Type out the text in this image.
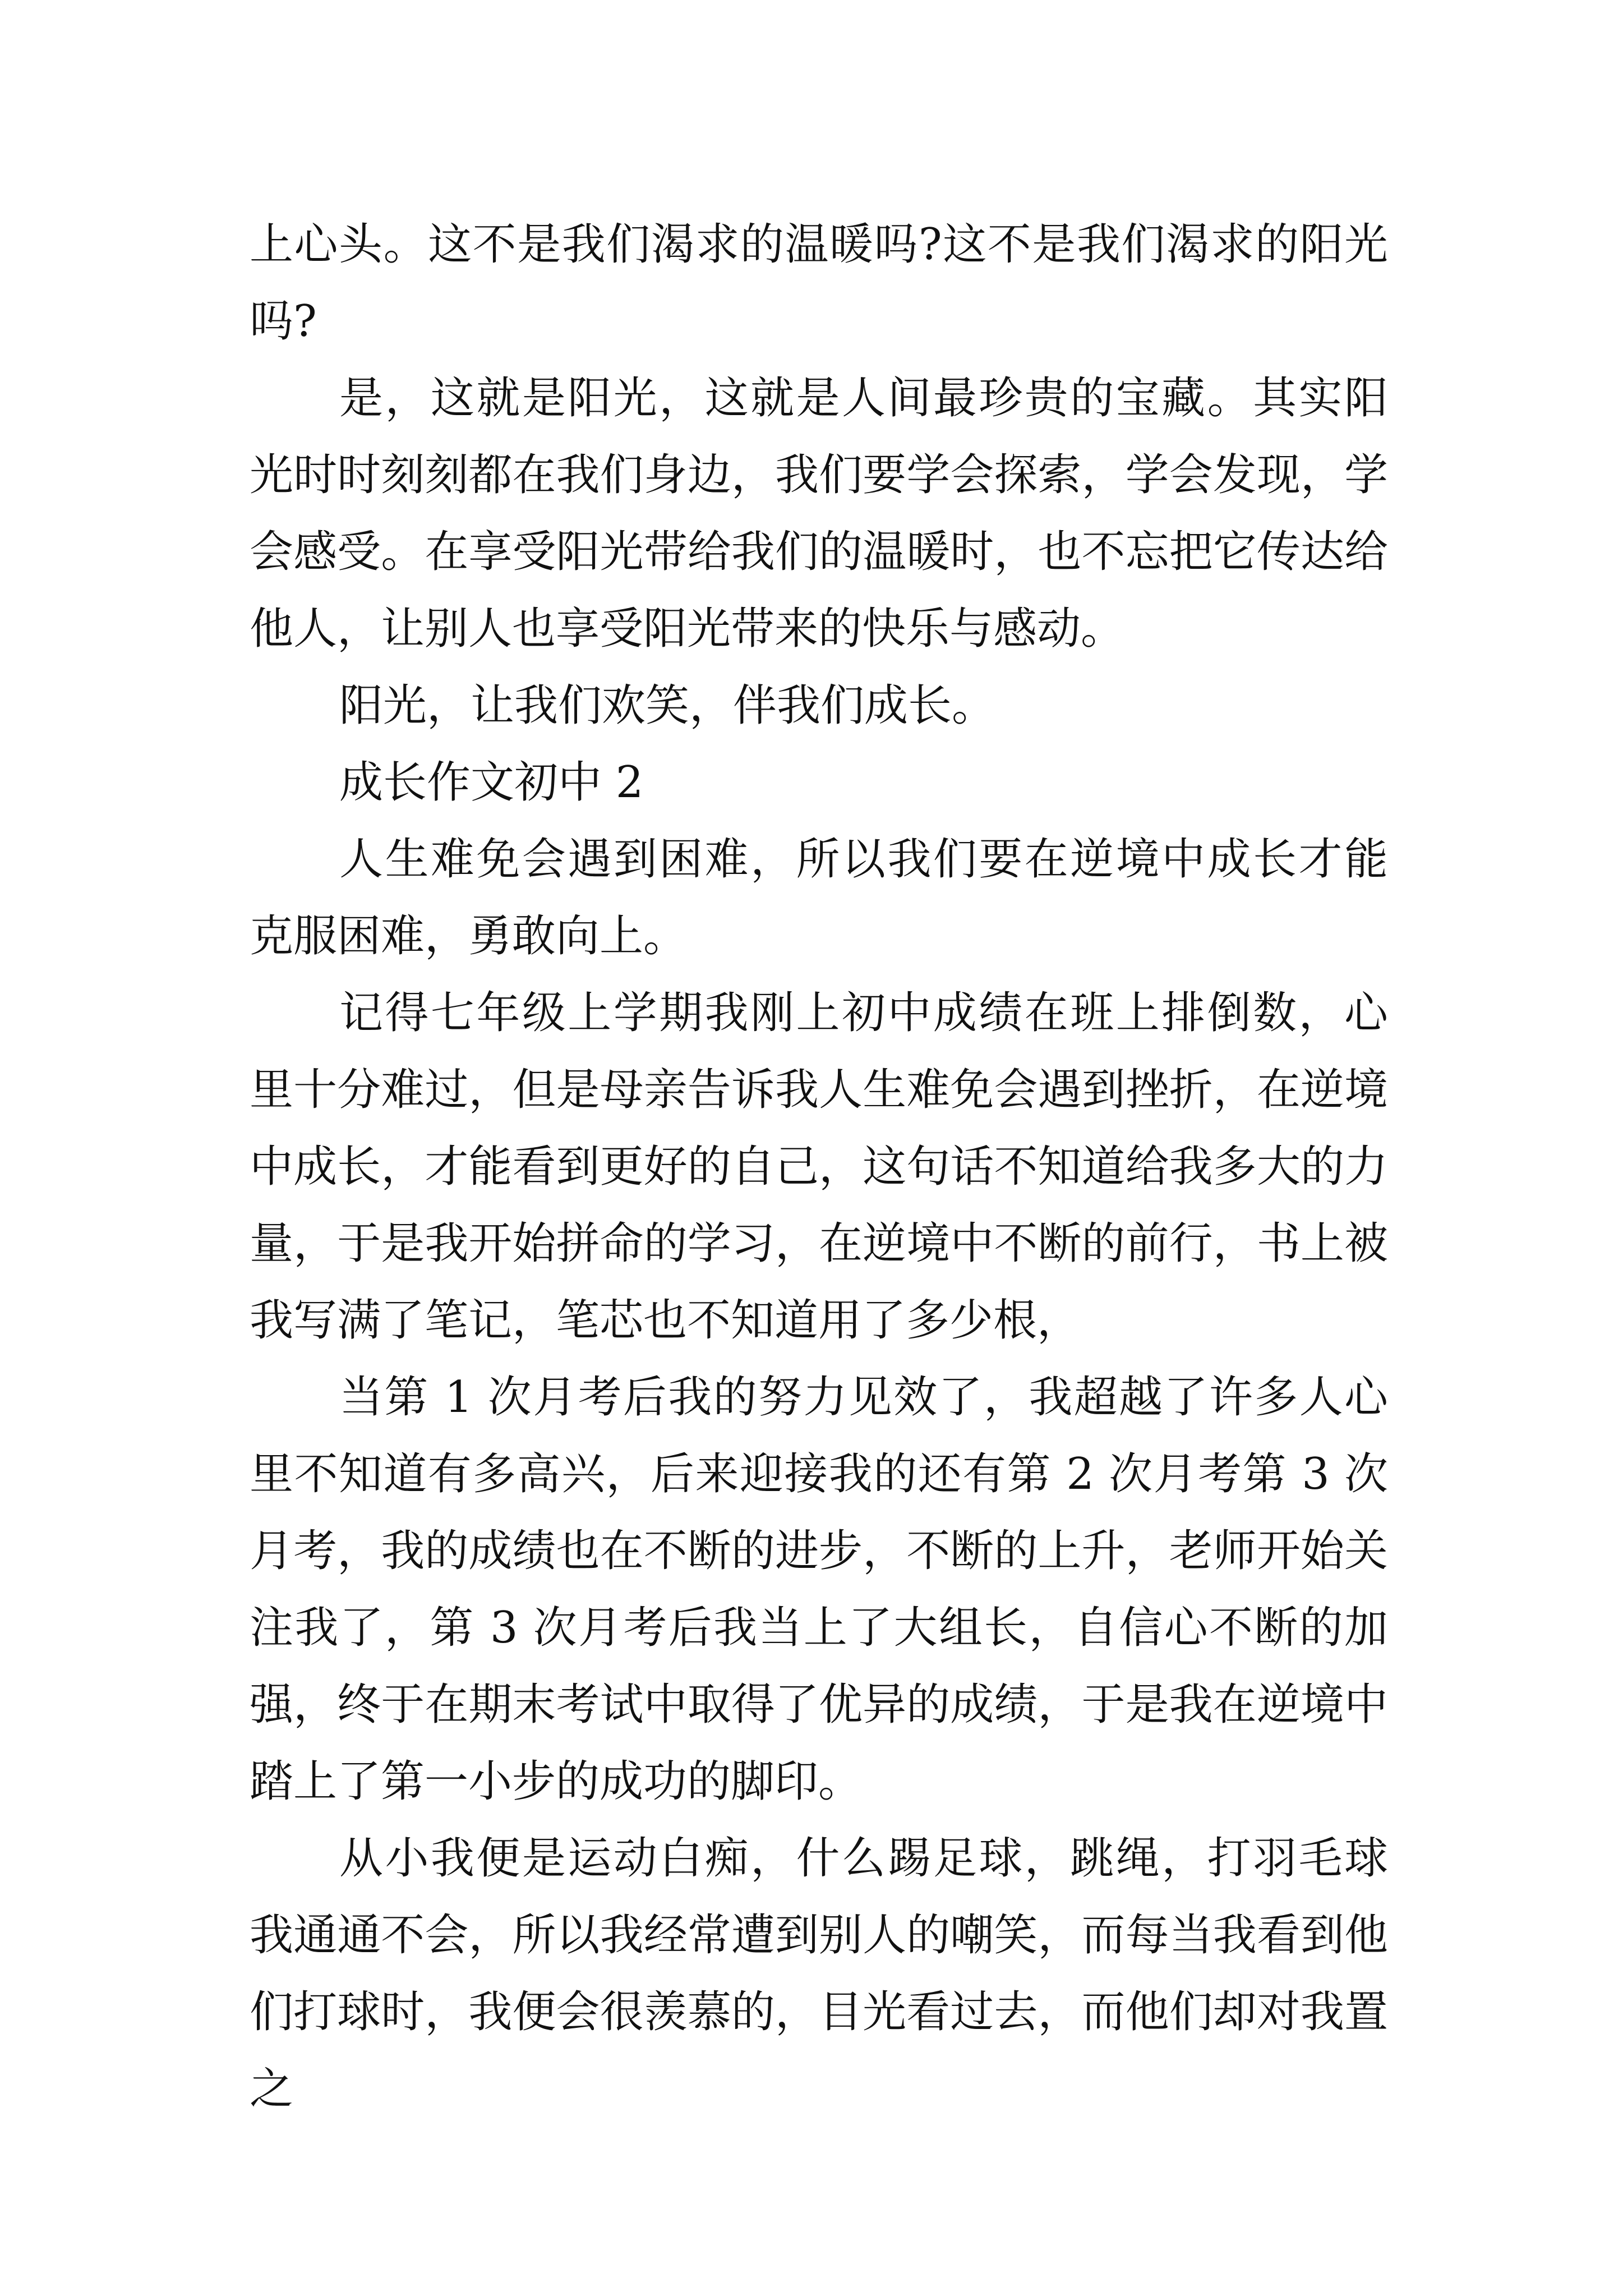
上心头。这不是我们渴求的温暖吗?这不是我们渴求的阳光吗?

是，这就是阳光，这就是人间最珍贵的宝藏。其实阳光时时刻刻都在我们身边，我们要学会探索，学会发现，学会感受。在享受阳光带给我们的温暖时，也不忘把它传达给他人，让别人也享受阳光带来的快乐与感动。

阳光，让我们欢笑，伴我们成长。

成长作文初中 2

人生难免会遇到困难，所以我们要在逆境中成长才能克服困难，勇敢向上。

记得七年级上学期我刚上初中成绩在班上排倒数，心里十分难过，但是母亲告诉我人生难免会遇到挫折，在逆境中成长，才能看到更好的自己，这句话不知道给我多大的力量，于是我开始拼命的学习，在逆境中不断的前行，书上被我写满了笔记，笔芯也不知道用了多少根，

当第 1 次月考后我的努力见效了，我超越了许多人心里不知道有多高兴，后来迎接我的还有第 2 次月考第 3 次月考，我的成绩也在不断的进步，不断的上升，老师开始关注我了，第 3 次月考后我当上了大组长，自信心不断的加强，终于在期末考试中取得了优异的成绩，于是我在逆境中踏上了第一小步的成功的脚印。

从小我便是运动白痴，什么踢足球，跳绳，打羽毛球我通通不会，所以我经常遭到别人的嘲笑，而每当我看到他们打球时，我便会很羡慕的，目光看过去，而他们却对我置之
